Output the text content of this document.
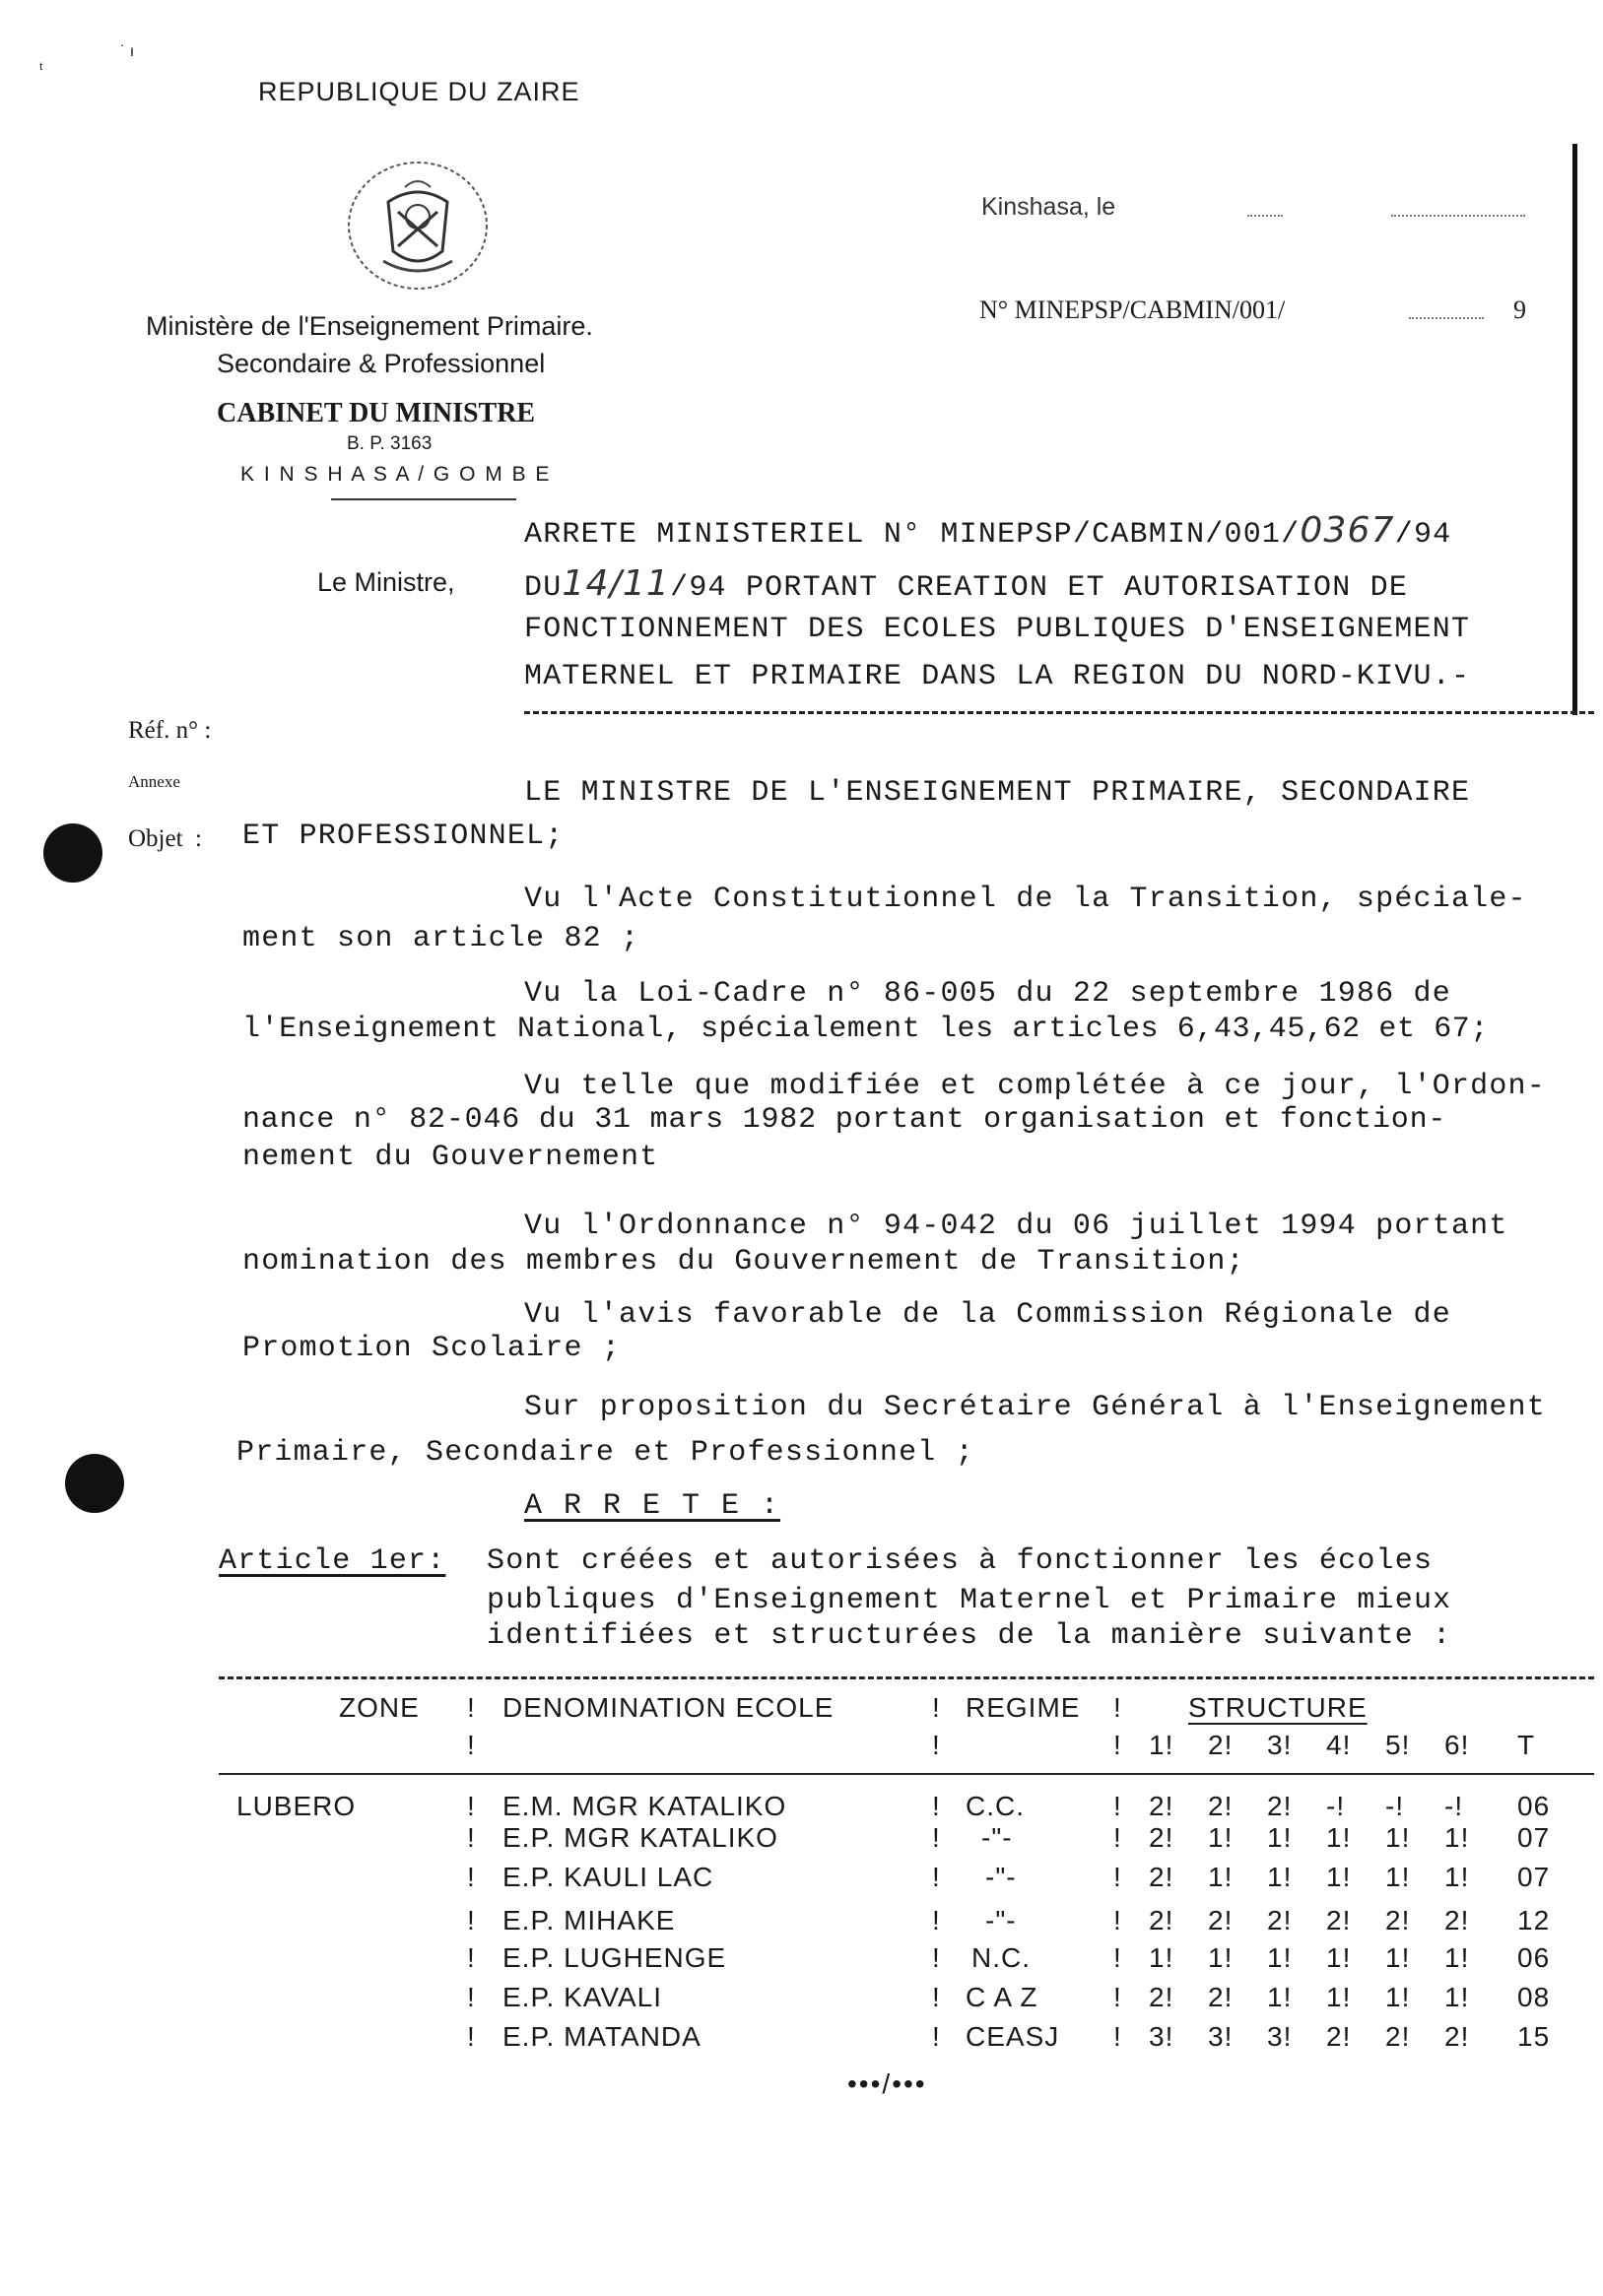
ᵗ
˙ ı
REPUBLIQUE DU ZAIRE

Ministère de l'Enseignement Primaire.
Secondaire & Professionnel
CABINET DU MINISTRE
B. P. 3163
K I N S H A S A / G O M B E
Kinshasa, le
N° MINEPSP/CABMIN/001/	9
ARRETE MINISTERIEL N° MINEPSP/CABMIN/001/0367/94
Le Ministre, DU14/11/94 PORTANT CREATION ET AUTORISATION DE
FONCTIONNEMENT DES ECOLES PUBLIQUES D'ENSEIGNEMENT
MATERNEL ET PRIMAIRE DANS LA REGION DU NORD-KIVU.-
Réf. n° :
Annexe
Objet  :
LE MINISTRE DE L'ENSEIGNEMENT PRIMAIRE, SECONDAIRE
ET PROFESSIONNEL;
Vu l'Acte Constitutionnel de la Transition, spéciale-
ment son article 82 ;
Vu la Loi-Cadre n° 86-005 du 22 septembre 1986 de
l'Enseignement National, spécialement les articles 6,43,45,62 et 67;
Vu telle que modifiée et complétée à ce jour, l'Ordon-
nance n° 82-046 du 31 mars 1982 portant organisation et fonction-
nement du Gouvernement
Vu l'Ordonnance n° 94-042 du 06 juillet 1994 portant
nomination des membres du Gouvernement de Transition;
Vu l'avis favorable de la Commission Régionale de
Promotion Scolaire ;
Sur proposition du Secrétaire Général à l'Enseignement
Primaire, Secondaire et Professionnel ;
A R R E T E :
Article 1er: Sont créées et autorisées à fonctionner les écoles
publiques d'Enseignement Maternel et Primaire mieux
identifiées et structurées de la manière suivante :
ZONE ! DENOMINATION ECOLE	! REGIME ! STRUCTURE
!	!	! 1! 2! 3! 4! 5! 6! T
LUBERO	! E.M. MGR KATALIKO	! C.C.	! 2! 2! 2! -! -! -! 06
! E.P. MGR KATALIKO	! -"-	! 2! 1! 1! 1! 1! 1! 07
! E.P. KAULI LAC	! -"-	! 2! 1! 1! 1! 1! 1! 07
! E.P. MIHAKE	! -"-	! 2! 2! 2! 2! 2! 2! 12
! E.P. LUGHENGE	! N.C.	! 1! 1! 1! 1! 1! 1! 06
! E.P. KAVALI	! C A Z	! 2! 2! 1! 1! 1! 1! 08
! E.P. MATANDA	! CEASJ ! 3! 3! 3! 2! 2! 2! 15
•••/•••
